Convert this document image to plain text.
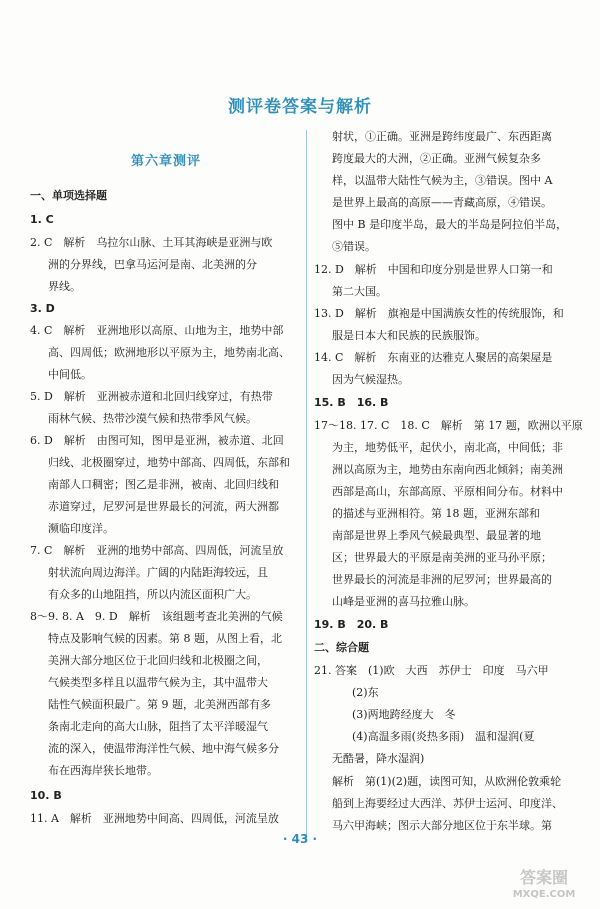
测评卷答案与解析
第六章测评
一、单项选择题
1. C
2. C　解析　乌拉尔山脉、土耳其海峡是亚洲与欧
洲的分界线，巴拿马运河是南、北美洲的分
界线。
3. D
4. C　解析　亚洲地形以高原、山地为主，地势中部
高、四周低；欧洲地形以平原为主，地势南北高、
中间低。
5. D　解析　亚洲被赤道和北回归线穿过，有热带
雨林气候、热带沙漠气候和热带季风气候。
6. D　解析　由图可知，图甲是亚洲，被赤道、北回
归线、北极圈穿过，地势中部高、四周低，东部和
南部人口稠密；图乙是非洲，被南、北回归线和
赤道穿过，尼罗河是世界最长的河流，两大洲都
濒临印度洋。
7. C　解析　亚洲的地势中部高、四周低，河流呈放
射状流向周边海洋。广阔的内陆距海较远，且
有众多的山地阻挡，所以内流区面积广大。
8～9. 8. A　9. D　解析　该组题考查北美洲的气候
特点及影响气候的因素。第 8 题，从图上看，北
美洲大部分地区位于北回归线和北极圈之间，
气候类型多样且以温带气候为主，其中温带大
陆性气候面积最广。第 9 题，北美洲西部有多
条南北走向的高大山脉，阻挡了太平洋暖湿气
流的深入，使温带海洋性气候、地中海气候多分
布在西海岸狭长地带。
10. B
11. A　解析　亚洲地势中间高、四周低，河流呈放
射状，①正确。亚洲是跨纬度最广、东西距离
跨度最大的大洲，②正确。亚洲气候复杂多
样，以温带大陆性气候为主，③错误。图中 A
是世界上最高的高原——青藏高原，④错误。
图中 B 是印度半岛，最大的半岛是阿拉伯半岛，
⑤错误。
12. D　解析　中国和印度分别是世界人口第一和
第二大国。
13. D　解析　旗袍是中国满族女性的传统服饰，和
服是日本大和民族的民族服饰。
14. C　解析　东南亚的达雅克人聚居的高架屋是
因为气候湿热。
15. B　16. B
17～18. 17. C　18. C　解析　第 17 题，欧洲以平原
为主，地势低平，起伏小，南北高，中间低；非
洲以高原为主，地势由东南向西北倾斜；南美洲
西部是高山，东部高原、平原相间分布。材料中
的描述与亚洲相符。第 18 题，亚洲东部和
南部是世界上季风气候最典型、最显著的地
区；世界最大的平原是南美洲的亚马孙平原；
世界最长的河流是非洲的尼罗河；世界最高的
山峰是亚洲的喜马拉雅山脉。
19. B　20. B
二、综合题
21. 答案　(1)欧　大西　苏伊士　印度　马六甲
(2)东
(3)两地跨经度大　冬
(4)高温多雨(炎热多雨)　温和湿润(夏
无酷暑，降水湿润)
解析　第(1)(2)题，读图可知，从欧洲伦敦乘轮
船到上海要经过大西洋、苏伊士运河、印度洋、
马六甲海峡；图示大部分地区位于东半球。第
· 43 ·
答案圈
MXQE.COM
